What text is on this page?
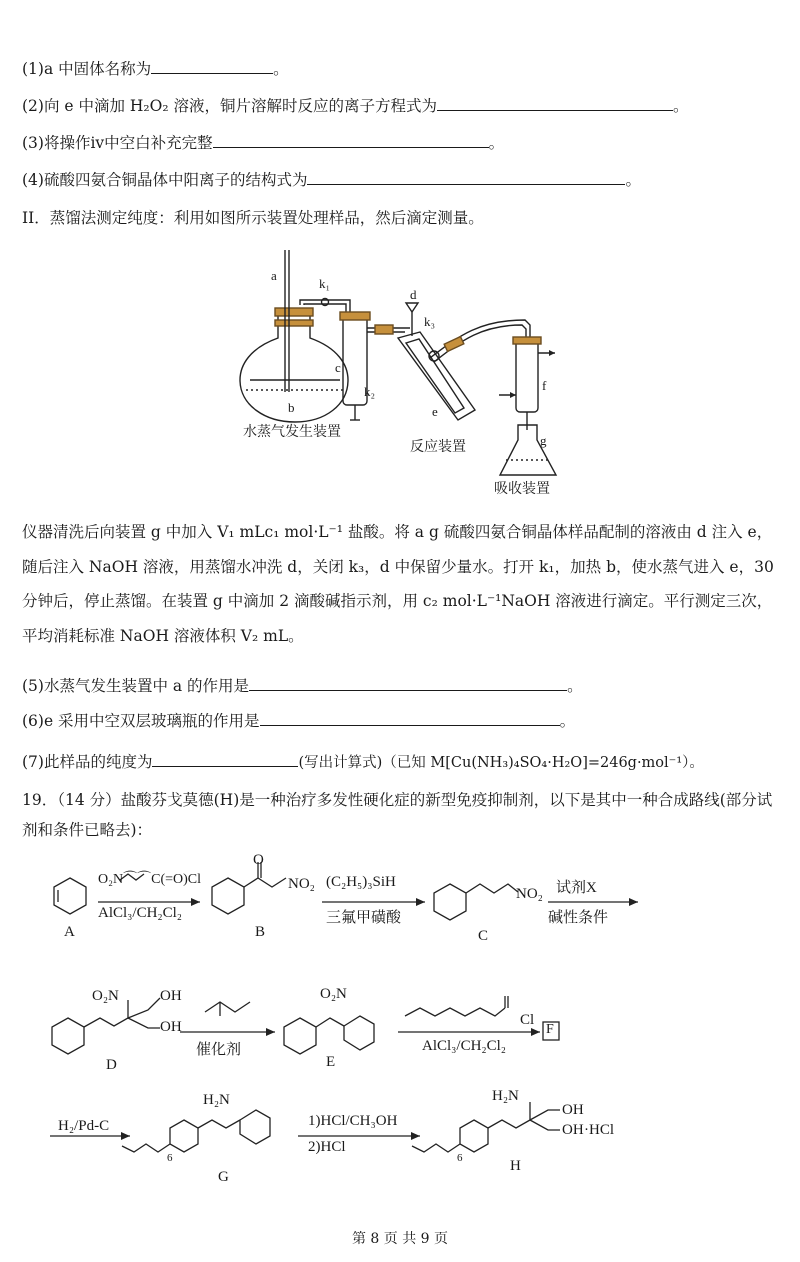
(1)a 中固体名称为	。
(2)向 e 中滴加 H₂O₂ 溶液，铜片溶解时反应的离子方程式为	。
(3)将操作iv中空白补充完整	。
(4)硫酸四氨合铜晶体中阳离子的结构式为	。
II．蒸馏法测定纯度：利用如图所示装置处理样品，然后滴定测量。
a
k₁
c
k₂
b
d
k₃
e
f
g
水蒸气发生装置
反应装置
吸收装置
仪器清洗后向装置 g 中加入 V₁ mLc₁ mol·L⁻¹ 盐酸。将 a g 硫酸四氨合铜晶体样品配制的溶液由 d 注入 e，随后注入 NaOH 溶液，用蒸馏水冲洗 d，关闭 k₃，d 中保留少量水。打开 k₁，加热 b，使水蒸气进入 e，30 分钟后，停止蒸馏。在装置 g 中滴加 2 滴酸碱指示剂，用 c₂ mol·L⁻¹NaOH 溶液进行滴定。平行测定三次，平均消耗标准 NaOH 溶液体积 V₂ mL。
(5)水蒸气发生装置中 a 的作用是	。
(6)e 采用中空双层玻璃瓶的作用是	。
(7)此样品的纯度为	(写出计算式)（已知 M[Cu(NH₃)₄SO₄·H₂O]=246g·mol⁻¹）。
19．（14 分）盐酸芬戈莫德(H)是一种治疗多发性硬化症的新型免疫抑制剂，以下是其中一种合成路线(部分试剂和条件已略去)：
A
O₂N⌒⌒C(=O)Cl
AlCl₃/CH₂Cl₂
B
NO₂
O
(C₂H₅)₃SiH
三氟甲磺酸
NO₂
C
试剂X
碱性条件
O₂N	OH
OH
D
催化剂
O₂N
E
Cl
AlCl₃/CH₂Cl₂
F
H₂/Pd-C
H₂N
6
G
1)HCl/CH₃OH
2)HCl
H₂N
OH
OH ·HCl
6	H
第 8 页 共 9 页
